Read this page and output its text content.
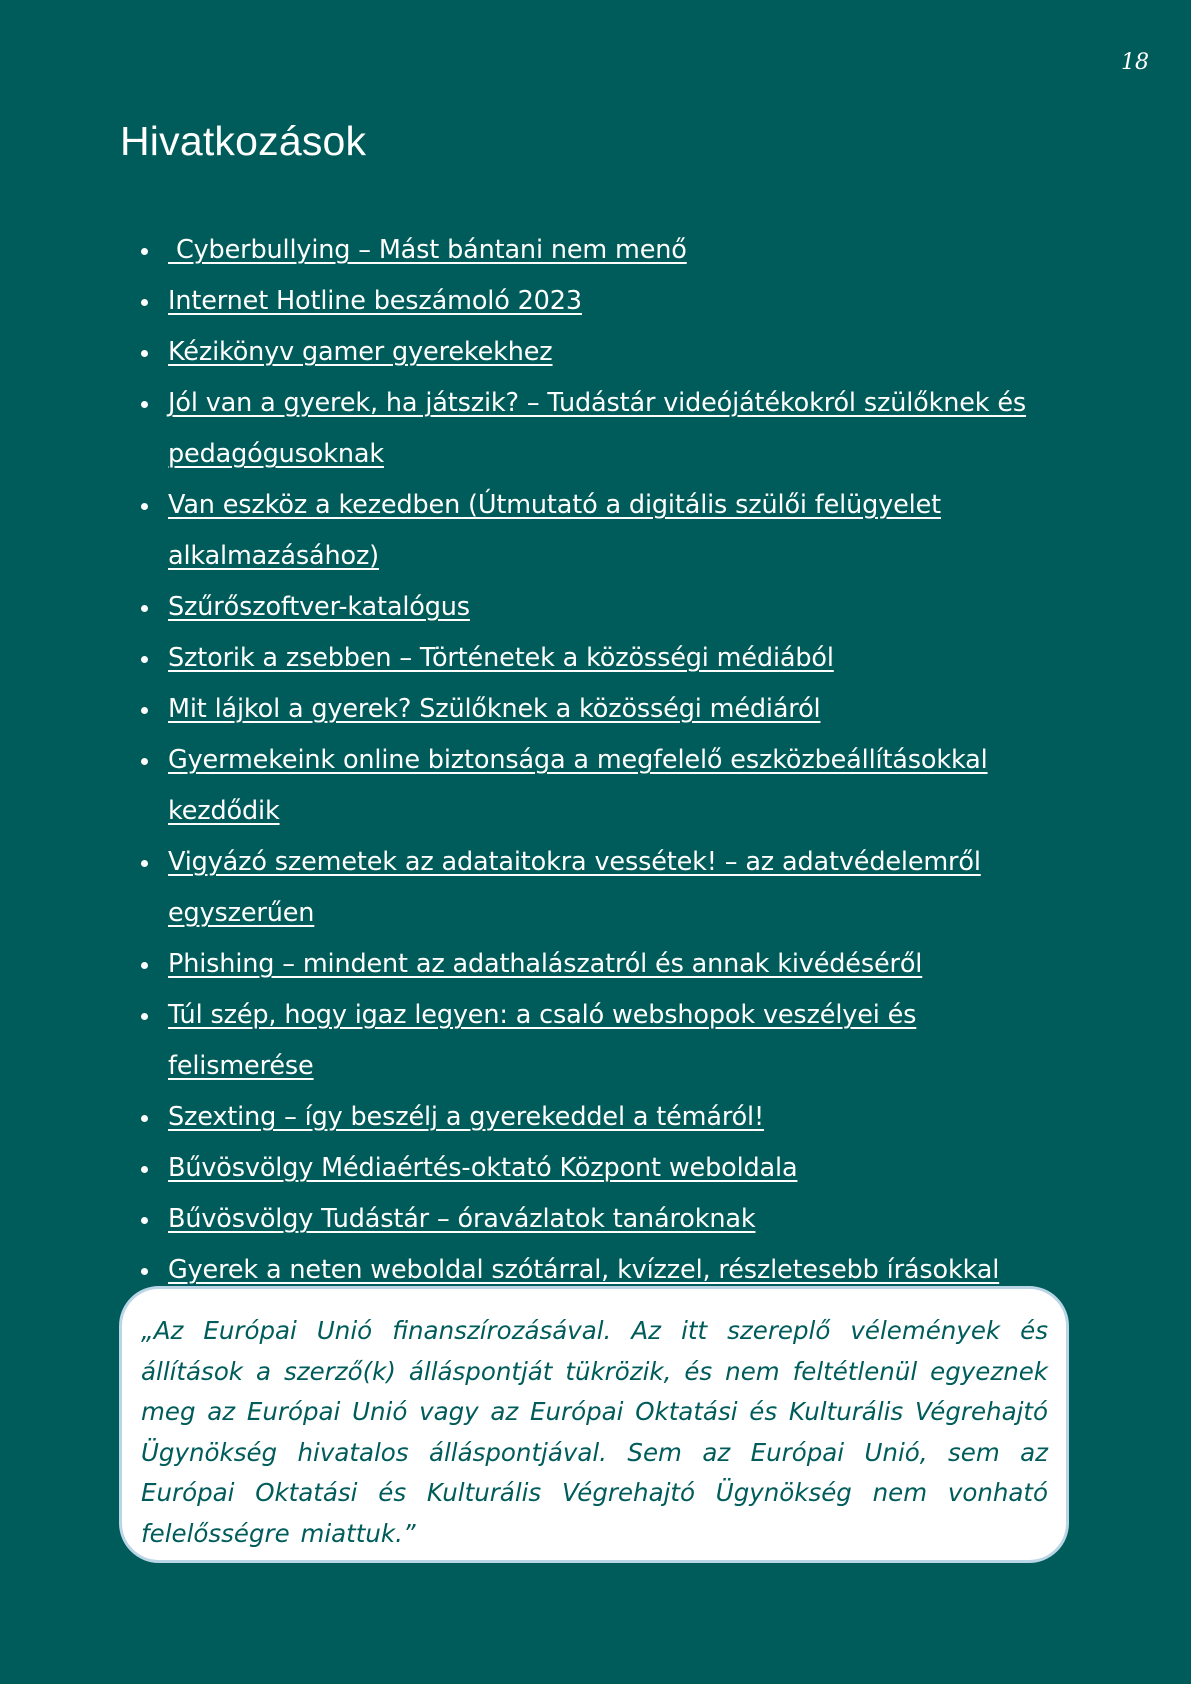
18
Hivatkozások
Cyberbullying – Mást bántani nem menő
Internet Hotline beszámoló 2023
Kézikönyv gamer gyerekekhez
Jól van a gyerek, ha játszik? – Tudástár videójátékokról szülőknek és pedagógusoknak
Van eszköz a kezedben (Útmutató a digitális szülői felügyelet alkalmazásához)
Szűrőszoftver-katalógus
Sztorik a zsebben – Történetek a közösségi médiából
Mit lájkol a gyerek? Szülőknek a közösségi médiáról
Gyermekeink online biztonsága a megfelelő eszközbeállításokkal kezdődik
Vigyázó szemetek az adataitokra vessétek! – az adatvédelemről egyszerűen
Phishing – mindent az adathalászatról és annak kivédéséről
Túl szép, hogy igaz legyen: a csaló webshopok veszélyei és felismerése
Szexting – így beszélj a gyerekeddel a témáról!
Bűvösvölgy Médiaértés-oktató Központ weboldala
Bűvösvölgy Tudástár – óravázlatok tanároknak
Gyerek a neten weboldal szótárral, kvízzel, részletesebb írásokkal

„Az Európai Unió finanszírozásával. Az itt szereplő vélemények és állítások a szerző(k) álláspontját tükrözik, és nem feltétlenül egyeznek meg az Európai Unió vagy az Európai Oktatási és Kulturális Végrehajtó Ügynökség hivatalos álláspontjával. Sem az Európai Unió, sem az Európai Oktatási és Kulturális Végrehajtó Ügynökség nem vonható felelősségre miattuk.”
